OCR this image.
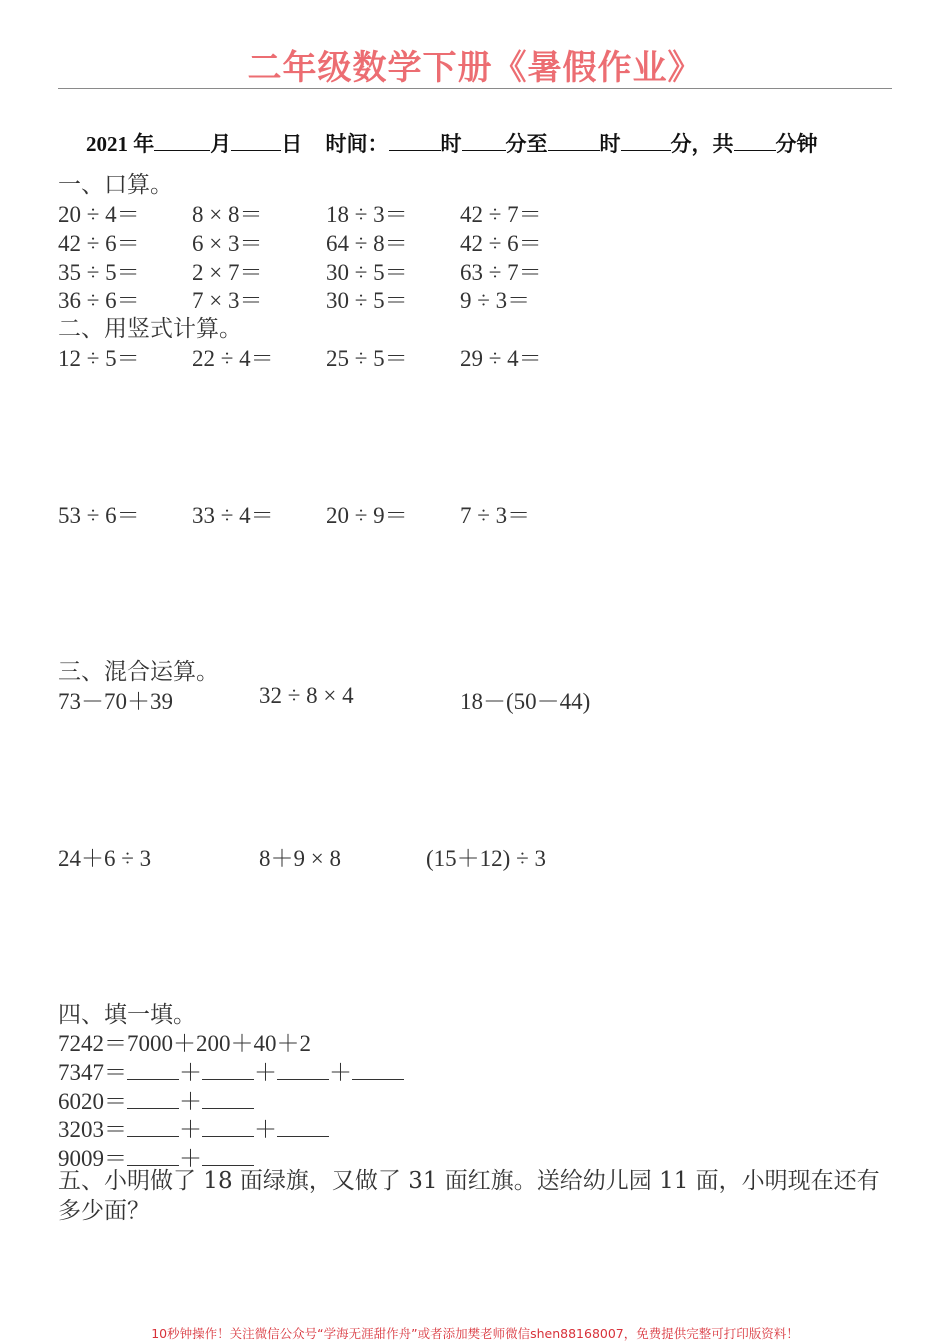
二年级数学下册《暑假作业》
2021 年	月 日 时间： 时 分至 时 分，共 分钟
一、口算。
20 ÷ 4＝ 8 × 8＝	18 ÷ 3＝ 42 ÷ 7＝
42 ÷ 6＝ 6 × 3＝	64 ÷ 8＝ 42 ÷ 6＝
35 ÷ 5＝ 2 × 7＝	30 ÷ 5＝ 63 ÷ 7＝
36 ÷ 6＝ 7 × 3＝	30 ÷ 5＝ 9 ÷ 3＝
二、用竖式计算。
12 ÷ 5＝ 22 ÷ 4＝ 25 ÷ 5＝ 29 ÷ 4＝
53 ÷ 6＝ 33 ÷ 4＝ 20 ÷ 9＝ 7 ÷ 3＝
三、混合运算。
73－70＋39	32 ÷ 8 × 4	18－(50－44)
24＋6 ÷ 3	8＋9 × 8	(15＋12) ÷ 3
四、填一填。
7242＝7000＋200＋40＋2
7347＝ ＋ ＋ ＋
6020＝ ＋
3203＝ ＋ ＋
9009＝ ＋
五、小明做了 18 面绿旗，又做了 31 面红旗。送给幼儿园 11 面，小明现在还有多少面？
10秒钟操作！关注微信公众号“学海无涯甜作舟”或者添加樊老师微信shen88168007，免费提供完整可打印版资料！
